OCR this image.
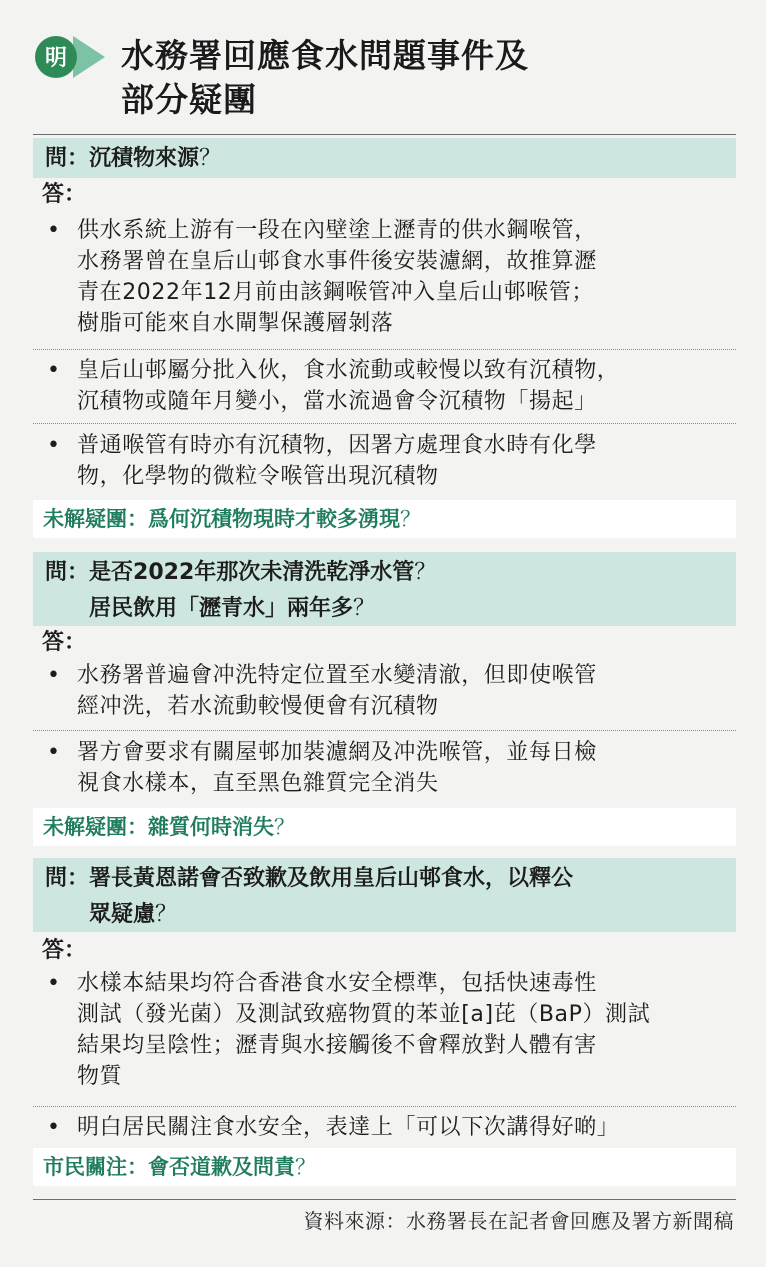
明 水務署回應食水問題事件及
部分疑團
問： 沉積物來源？
答：
• 供水系統上游有一段在內壁塗上瀝青的供水鋼喉管，
水務署曾在皇后山邨食水事件後安裝濾網，故推算瀝
青在2022年12月前由該鋼喉管冲入皇后山邨喉管；
樹脂可能來自水閘掣保護層剝落
• 皇后山邨屬分批入伙，食水流動或較慢以致有沉積物，
沉積物或隨年月變小，當水流過會令沉積物「揚起」
• 普通喉管有時亦有沉積物，因署方處理食水時有化學
物，化學物的微粒令喉管出現沉積物
未解疑團：爲何沉積物現時才較多湧現？
問： 是否2022年那次未清洗乾淨水管？
居民飲用「瀝青水」兩年多？
答：
• 水務署普遍會冲洗特定位置至水變清澈，但即使喉管
經冲洗，若水流動較慢便會有沉積物
• 署方會要求有關屋邨加裝濾網及冲洗喉管，並每日檢
視食水樣本，直至黑色雜質完全消失
未解疑團：雜質何時消失？
問： 署長黃恩諾會否致歉及飲用皇后山邨食水，以釋公
眾疑慮？
答：
• 水樣本結果均符合香港食水安全標準，包括快速毒性
測試（發光菌）及測試致癌物質的苯並[a]芘（BaP）測試
結果均呈陰性；瀝青與水接觸後不會釋放對人體有害
物質
• 明白居民關注食水安全，表達上「可以下次講得好啲」
市民關注：會否道歉及問責？
資料來源：水務署長在記者會回應及署方新聞稿
